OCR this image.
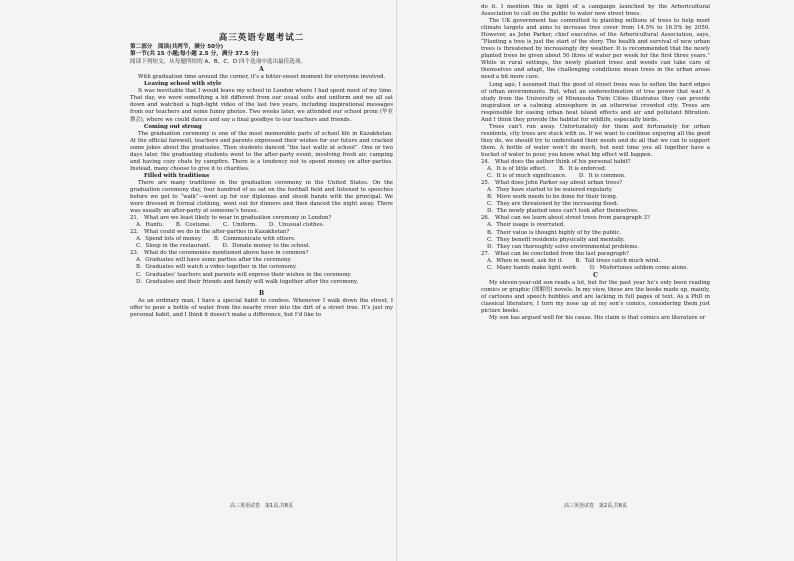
高三英语专题考试二
第二部分　阅读(共两节，满分 50分)
第一节(共 15 小题;每小题 2.5 分，满分 37.5 分)
阅读下列短文，从每题所给的 A、B、C、D 四个选项中选出最佳选项。
A

With graduation time around the corner, it’s a bitter-sweet moment for everyone involved.

Leaving school with style

It was inevitable that I would leave my school in London where I had spent most of my time. That day, we were something a bit different from our usual suits and uniform and we all sat down and watched a high-light video of the last two years, including inspirational messages from our teachers and some funny photos. Two weeks later, we attended our school prom (毕业舞会), where we could dance and say a final goodbye to our teachers and friends.

Coming out strong

The graduation ceremony is one of the most memorable parts of school life in Kazakhstan. At the official farewell, teachers and parents expressed their wishes for our future and cracked some jokes about the graduates. Then students danced “the last waltz at school”. One or two days later, the graduating students went to the after-party event, involving fresh air, camping and having cozy chats by campfire. There is a tendency not to spend money on after-parties. Instead, many choose to give it to charities.

Filled with traditions

There are many traditions in the graduation ceremony in the United States. On the graduation ceremony day, four hundred of us sat on the football field and listened to speeches before we got to “walk”—went up for our diplomas and shook hands with the principal. We were dressed in formal clothing, went out for dinners and then danced the night away. There was usually an after-party at someone’s house.

21． What are we least likely to wear in graduation ceremony in London?

A．Hanfu. B．Costume. C．Uniform. D．Unusual clothes.

22． What could we do in the after-parties in Kazakhstan?

A．Spend lots of money. B．Communicate with others.
C．Sleep in the restaurant. D．Donate money to the school.

23． What do the ceremonies mentioned above have in common?

A．Graduates will have some parties after the ceremony.

B．Graduates will watch a video together in the ceremony.

C．Graduates’ teachers and parents will express their wishes in the ceremony.

D．Graduates and their friends and family will walk together after the ceremony.

B

As an ordinary man, I have a special habit to confess. Whenever I walk down the street, I offer to pour a bottle of water from the nearby river into the dirt of a street tree. It’s just my personal habit, and I think it doesn’t make a difference, but I’d like to

高三英语试卷　第1页,共8页

do it. I mention this in light of a campaign launched by the Arboricultural Association to call on the public to water new street trees.

The UK government has committed to planting millions of trees to help meet climate targets and aims to increase tree cover from 14.5% to 16.5% by 2050. However, as John Parker, chief executive of the Arboricultural Association, says, “Planting a tree is just the start of the story. The health and survival of new urban trees is threatened by increasingly dry weather. It is recommended that the newly planted trees be given about 50 litres of water per week for the first three years.” While in rural settings, the newly planted trees and woods can take care of themselves and adapt, the challenging conditions mean trees in the urban areas need a bit more care.

Long ago, I assumed that the good of street trees was to soften the hard edges of urban environments. But, what an underestimation of tree power that was! A study from the University of Minnesota Twin Cities illustrates they can provide inspiration or a calming atmosphere in an otherwise crowded city. Trees are responsible for easing urban heat island effects and air and pollutant filtration. And I think they provide the habitat for wildlife, especially birds.

Trees can’t run away. Unfortunately for them and fortunately for urban residents, city trees are stuck with us. If we want to continue enjoying all the good they do, we should try to understand their needs and do all that we can to support them. A bottle of water won’t do much, but next time you all together have a bucket of water to pour, you know what big effect will happen.

24． What does the author think of his personal habit?

A．It is of little effect. B．It is enforced.
C．It is of much significance. D．It is common.

25． What does John Parker say about urban trees?

A．They have started to be watered regularly.

B．More work needs to be done for their living.

C．They are threatened by the increasing flood.

D．The newly planted ones can’t look after themselves.

26． What can we learn about street trees from paragraph 3?

A．Their usage is overrated.

B．Their value is thought highly of by the public.

C．They benefit residents physically and mentally.

D．They can thoroughly solve environmental problems.

27． What can be concluded from the last paragraph?

A．When in need, ask for it. B．Tall trees catch much wind.
C．Many hands make light work. D．Misfortunes seldom come alone.
C

My eleven-year-old son reads a lot, but for the past year he’s only been reading comics or graphic (图解的) novels. In my view, these are the books made up, mainly, of cartoons and speech bubbles and are lacking in full pages of text. As a PhD in classical literature, I turn my nose up at my son’s comics, considering them just picture books.

My son has argued well for his cause. His claim is that comics are literature or

高三英语试卷　第2页,共8页
